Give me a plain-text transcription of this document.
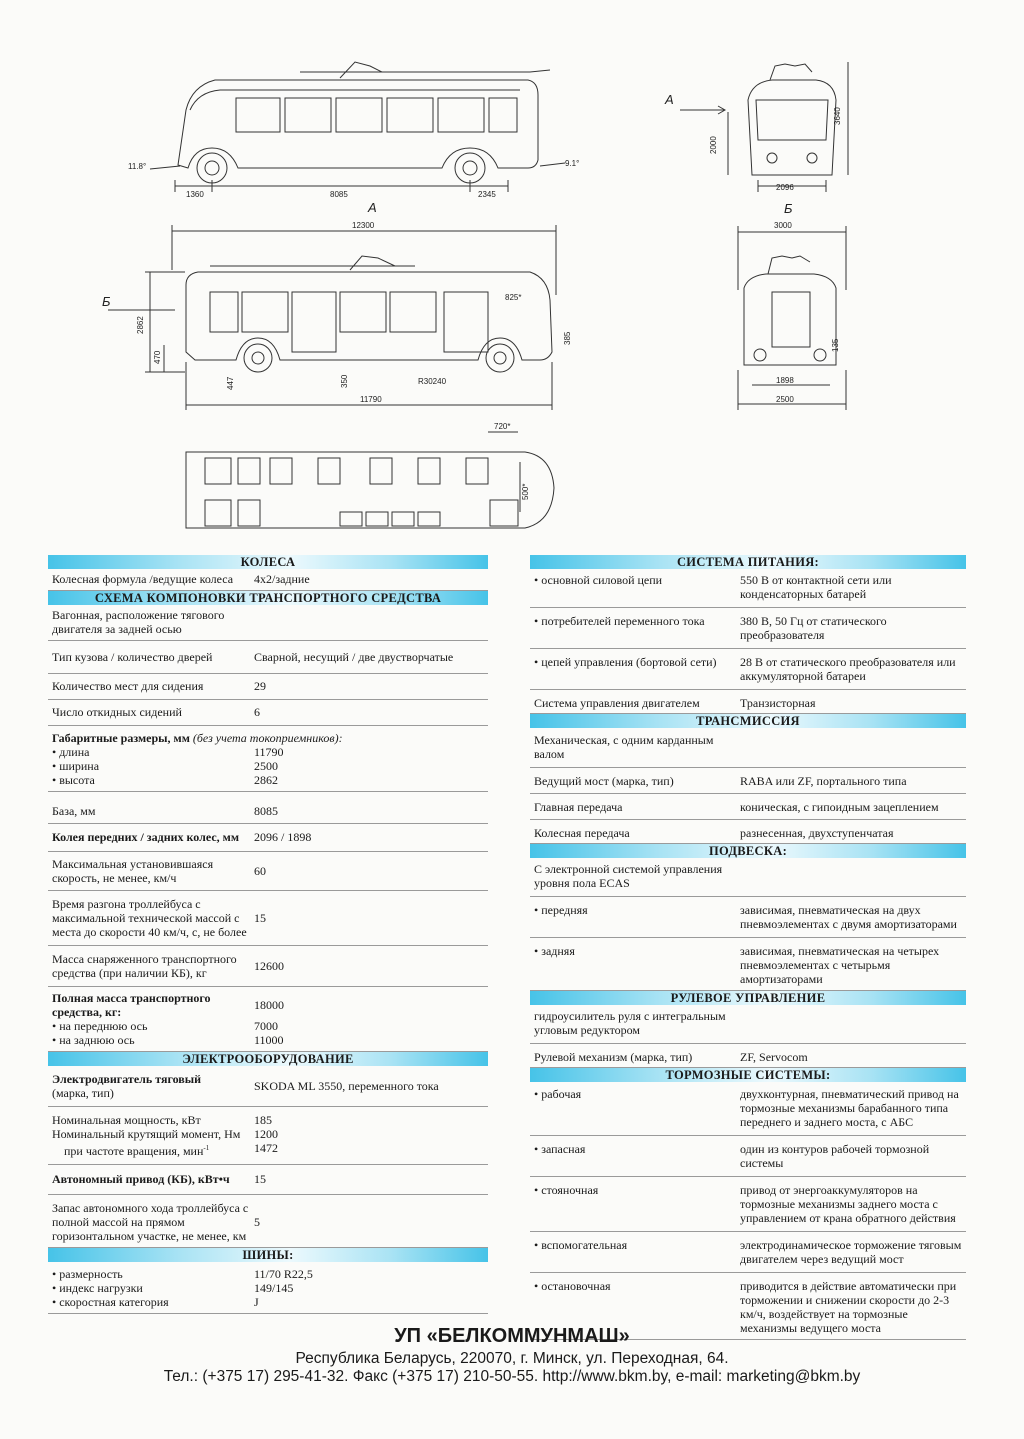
А
А	Б
Б
11.8°	9.1°
1360	8085	2345
12300
11790
2862
470
447	350	R30240
385
825*
2000
3640
2096
3000
1898
2500
135
720*
500*
КОЛЕСА
Колесная формула /ведущие колеса	4х2/задние
СХЕМА КОМПОНОВКИ ТРАНСПОРТНОГО СРЕДСТВА
Вагонная, расположение тягового двигателя за задней осью
Тип кузова / количество дверей	Сварной, несущий / две двустворчатые
Количество мест для сидения	29
Число откидных сидений	6
Габаритные размеры, мм (без учета токоприемников):
• длина	11790
• ширина	2500
• высота	2862
База, мм	8085
Колея передних / задних колес, мм	2096 / 1898
Максимальная установившаяся скорость, не менее, км/ч	60
Время разгона троллейбуса с максимальной технической массой с места до скорости 40 км/ч, с, не более
15
Масса снаряженного транспортного средства (при наличии КБ), кг	12600
Полная масса транспортного средства, кг:	18000
• на переднюю ось	7000
• на заднюю ось	11000
ЭЛЕКТРООБОРУДОВАНИЕ
Электродвигатель тяговый
(марка, тип)	SKODA ML 3550, переменного тока
Номинальная мощность, кВт	185
Номинальный крутящий момент, Нм	1200
при частоте вращения, мин$^{-1}$	1472
Автономный привод (КБ), кВт•ч	15
Запас автономного хода троллейбуса с полной массой на прямом горизонтальном участке, не менее, км
5
ШИНЫ:
• размерность	11/70 R22,5
• индекс нагрузки	149/145
• скоростная категория	J
СИСТЕМА ПИТАНИЯ:
• основной силовой цепи	550 В от контактной сети или конденсаторных батарей
• потребителей переменного тока	380 В, 50 Гц от статического преобразователя
• цепей управления (бортовой сети)	28 В от статического преобразователя или аккумуляторной батареи
Система управления двигателем	Транзисторная
ТРАНСМИССИЯ
Механическая, с одним карданным валом
Ведущий мост (марка, тип)	RABA или ZF, портального типа
Главная передача	коническая, с гипоидным зацеплением
Колесная передача	разнесенная, двухступенчатая
ПОДВЕСКА:
С электронной системой управления уровня пола ECAS
• передняя	зависимая, пневматическая на двух пневмоэлементах с двумя амортизаторами
• задняя	зависимая, пневматическая на четырех пневмоэлементах с четырьмя амортизаторами
РУЛЕВОЕ УПРАВЛЕНИЕ
гидроусилитель руля с интегральным угловым редуктором
Рулевой механизм (марка, тип)	ZF, Servocom
ТОРМОЗНЫЕ СИСТЕМЫ:
• рабочая	двухконтурная, пневматический привод на тормозные механизмы барабанного типа переднего и заднего моста, с АБС
• запасная	один из контуров рабочей тормозной системы
• стояночная	привод от энергоаккумуляторов на тормозные механизмы заднего моста с управлением от крана обратного действия
• вспомогательная	электродинамическое торможение тяговым двигателем через ведущий мост
• остановочная	приводится в действие автоматически при торможении и снижении скорости до 2-3 км/ч, воздействует на тормозные механизмы ведущего моста
УП «БЕЛКОММУНМАШ»
Республика Беларусь, 220070, г. Минск, ул. Переходная, 64.
Тел.: (+375 17) 295-41-32. Факс (+375 17) 210-50-55. http://www.bkm.by, e-mail: marketing@bkm.by
